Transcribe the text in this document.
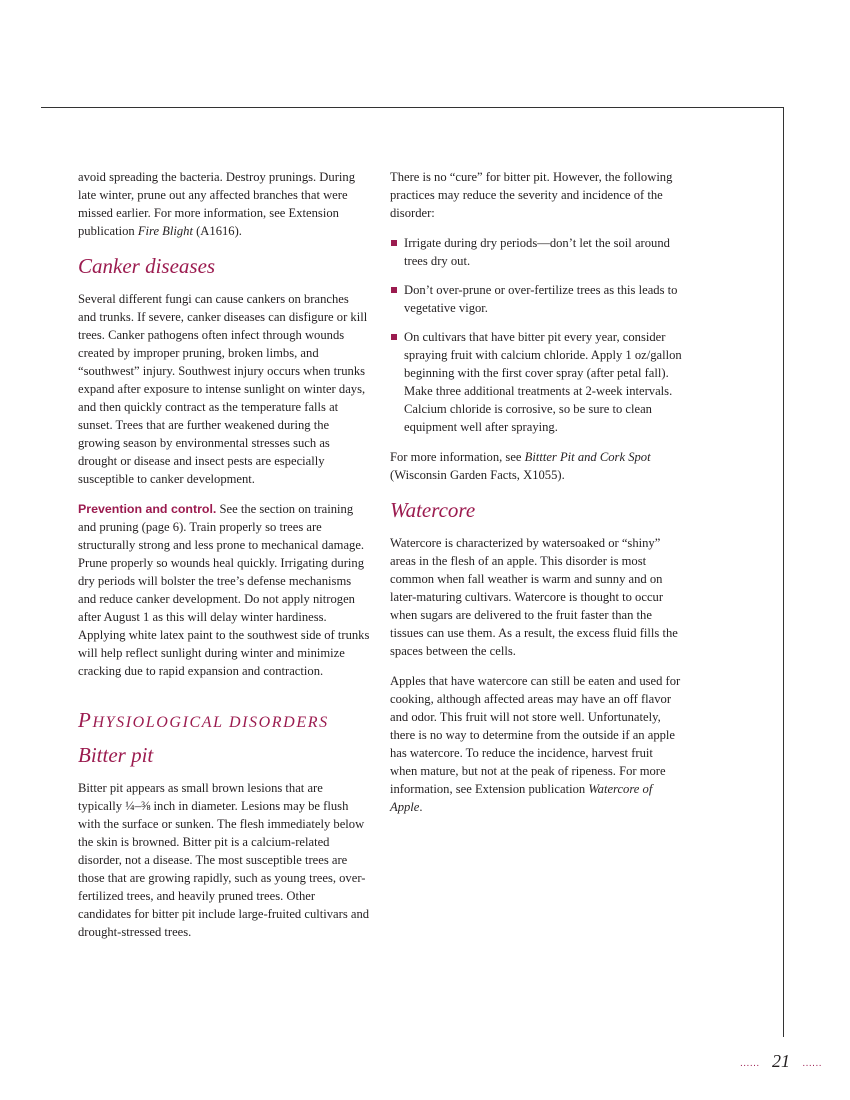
avoid spreading the bacteria. Destroy prunings. During late winter, prune out any affected branches that were missed earlier. For more information, see Extension publication Fire Blight (A1616).

Canker diseases

Several different fungi can cause cankers on branches and trunks. If severe, canker diseases can disfigure or kill trees. Canker pathogens often infect through wounds created by improper pruning, broken limbs, and “southwest” injury. Southwest injury occurs when trunks expand after exposure to intense sunlight on winter days, and then quickly contract as the temperature falls at sunset. Trees that are further weakened during the growing season by environmental stresses such as drought or disease and insect pests are especially susceptible to canker development.

Prevention and control. See the section on training and pruning (page 6). Train properly so trees are structurally strong and less prone to mechanical damage. Prune properly so wounds heal quickly. Irrigating during dry periods will bolster the tree’s defense mechanisms and reduce canker development. Do not apply nitrogen after August 1 as this will delay winter hardiness. Applying white latex paint to the southwest side of trunks will help reflect sunlight during winter and minimize cracking due to rapid expansion and contraction.

PHYSIOLOGICAL DISORDERS
Bitter pit

Bitter pit appears as small brown lesions that are typically ¼–⅜ inch in diameter. Lesions may be flush with the surface or sunken. The flesh immediately below the skin is browned. Bitter pit is a calcium-related disorder, not a disease. The most susceptible trees are those that are growing rapidly, such as young trees, over-fertilized trees, and heavily pruned trees. Other candidates for bitter pit include large-fruited cultivars and drought-stressed trees.

There is no “cure” for bitter pit. However, the following practices may reduce the severity and incidence of the disorder:

Irrigate during dry periods—don’t let the soil around trees dry out.
Don’t over-prune or over-fertilize trees as this leads to vegetative vigor.
On cultivars that have bitter pit every year, consider spraying fruit with calcium chloride. Apply 1 oz/gallon beginning with the first cover spray (after petal fall). Make three additional treatments at 2-week intervals. Calcium chloride is corrosive, so be sure to clean equipment well after spraying.

For more information, see Bittter Pit and Cork Spot (Wisconsin Garden Facts, X1055).

Watercore

Watercore is characterized by watersoaked or “shiny” areas in the flesh of an apple. This disorder is most common when fall weather is warm and sunny and on later-maturing cultivars. Watercore is thought to occur when sugars are delivered to the fruit faster than the tissues can use them. As a result, the excess fluid fills the spaces between the cells.

Apples that have watercore can still be eaten and used for cooking, although affected areas may have an off flavor and odor. This fruit will not store well. Unfortunately, there is no way to determine from the outside if an apple has watercore. To reduce the incidence, harvest fruit when mature, but not at the peak of ripeness. For more information, see Extension publication Watercore of Apple.

...... 21 ......
